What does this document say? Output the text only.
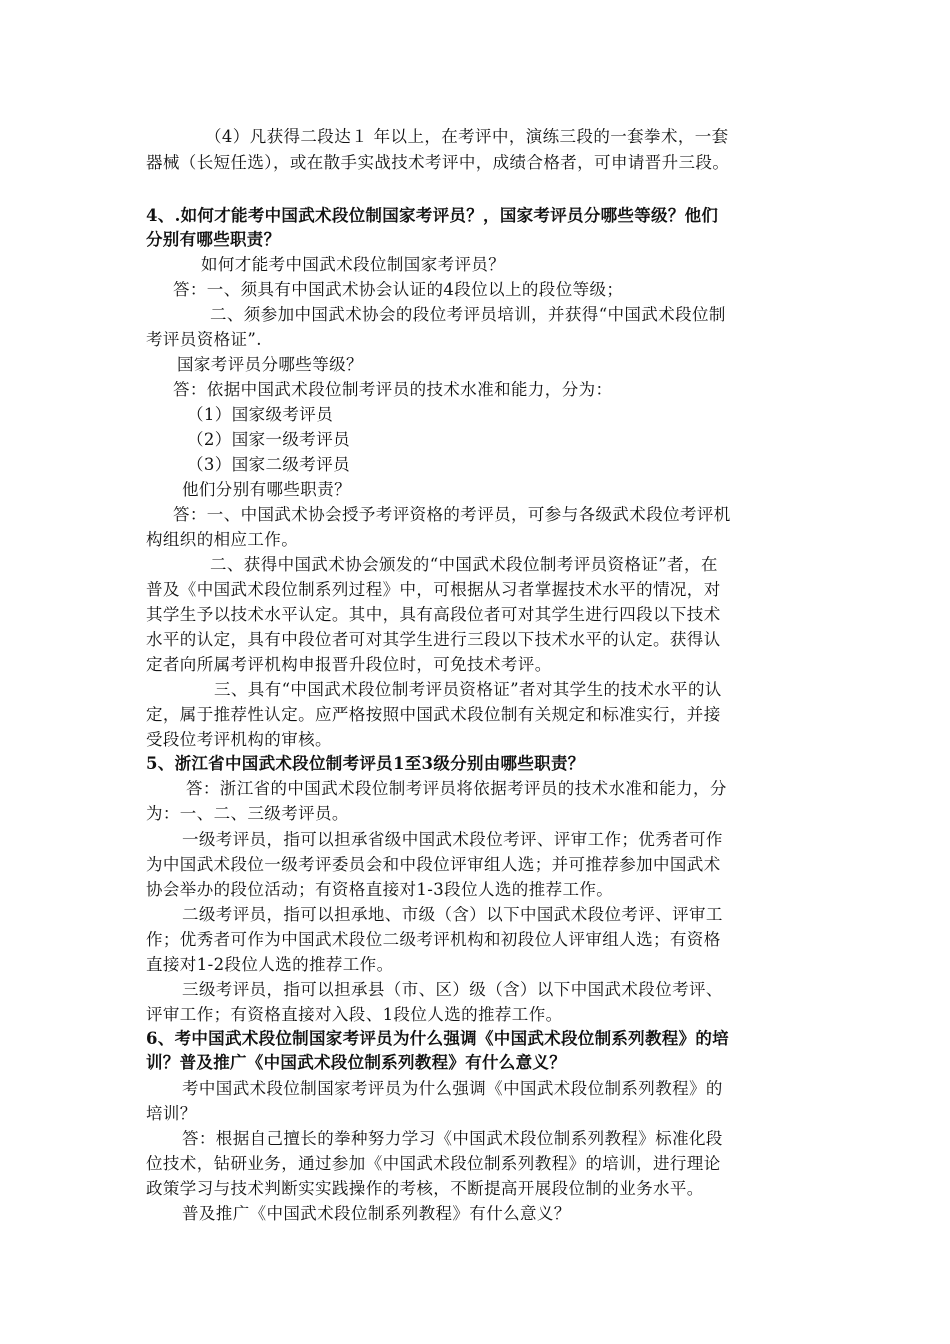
（4）凡获得二段达１ 年以上，在考评中，演练三段的一套拳术，一套
器械（长短任选），或在散手实战技术考评中，成绩合格者，可申请晋升三段。
4、.如何才能考中国武术段位制国家考评员？，国家考评员分哪些等级？他们
分别有哪些职责？
如何才能考中国武术段位制国家考评员？
答：一、须具有中国武术协会认证的4段位以上的段位等级；
二、须参加中国武术协会的段位考评员培训，并获得“中国武术段位制
考评员资格证”.
国家考评员分哪些等级？
答：依据中国武术段位制考评员的技术水准和能力，分为：
（1）国家级考评员
（2）国家一级考评员
（3）国家二级考评员
他们分别有哪些职责？
答：一、中国武术协会授予考评资格的考评员，可参与各级武术段位考评机
构组织的相应工作。
二、获得中国武术协会颁发的“中国武术段位制考评员资格证”者，在
普及《中国武术段位制系列过程》中，可根据从习者掌握技术水平的情况，对
其学生予以技术水平认定。其中，具有高段位者可对其学生进行四段以下技术
水平的认定，具有中段位者可对其学生进行三段以下技术水平的认定。获得认
定者向所属考评机构申报晋升段位时，可免技术考评。
三、具有“中国武术段位制考评员资格证”者对其学生的技术水平的认
定，属于推荐性认定。应严格按照中国武术段位制有关规定和标准实行，并接
受段位考评机构的审核。
5、浙江省中国武术段位制考评员1至3级分别由哪些职责？
答：浙江省的中国武术段位制考评员将依据考评员的技术水准和能力，分
为：一、二、三级考评员。
一级考评员，指可以担承省级中国武术段位考评、评审工作；优秀者可作
为中国武术段位一级考评委员会和中段位评审组人选；并可推荐参加中国武术
协会举办的段位活动；有资格直接对1-3段位人选的推荐工作。
二级考评员，指可以担承地、市级（含）以下中国武术段位考评、评审工
作；优秀者可作为中国武术段位二级考评机构和初段位人评审组人选；有资格
直接对1-2段位人选的推荐工作。
三级考评员，指可以担承县（市、区）级（含）以下中国武术段位考评、
评审工作；有资格直接对入段、1段位人选的推荐工作。
6、考中国武术段位制国家考评员为什么强调《中国武术段位制系列教程》的培
训？普及推广《中国武术段位制系列教程》有什么意义？
考中国武术段位制国家考评员为什么强调《中国武术段位制系列教程》的
培训？
答：根据自己擅长的拳种努力学习《中国武术段位制系列教程》标准化段
位技术，钻研业务，通过参加《中国武术段位制系列教程》的培训，进行理论
政策学习与技术判断实实践操作的考核，不断提高开展段位制的业务水平。
普及推广《中国武术段位制系列教程》有什么意义？
